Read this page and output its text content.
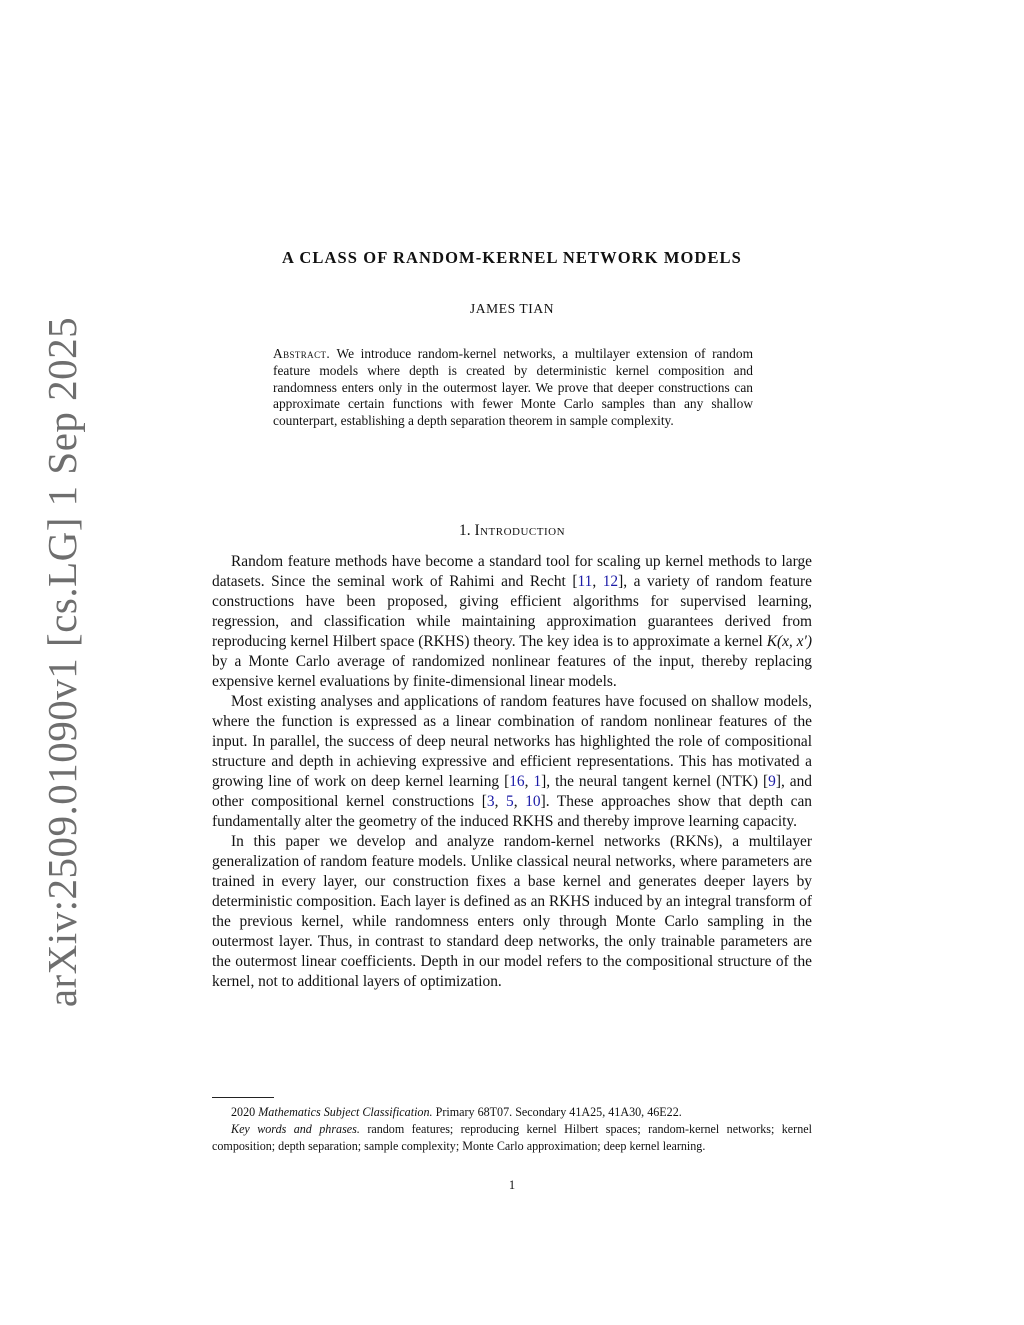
arXiv:2509.01090v1 [cs.LG] 1 Sep 2025
A CLASS OF RANDOM-KERNEL NETWORK MODELS
JAMES TIAN
Abstract. We introduce random-kernel networks, a multilayer extension of random feature models where depth is created by deterministic kernel composition and randomness enters only in the outermost layer. We prove that deeper constructions can approximate certain functions with fewer Monte Carlo samples than any shallow counterpart, establishing a depth separation theorem in sample complexity.
1. Introduction

Random feature methods have become a standard tool for scaling up kernel methods to large datasets. Since the seminal work of Rahimi and Recht [11, 12], a variety of random feature constructions have been proposed, giving efficient algorithms for supervised learning, regression, and classification while maintaining approximation guarantees derived from reproducing kernel Hilbert space (RKHS) theory. The key idea is to approximate a kernel K(x, x′) by a Monte Carlo average of randomized nonlinear features of the input, thereby replacing expensive kernel evaluations by finite-dimensional linear models.

Most existing analyses and applications of random features have focused on shallow models, where the function is expressed as a linear combination of random nonlinear features of the input. In parallel, the success of deep neural networks has highlighted the role of compositional structure and depth in achieving expressive and efficient representations. This has motivated a growing line of work on deep kernel learning [16, 1], the neural tangent kernel (NTK) [9], and other compositional kernel constructions [3, 5, 10]. These approaches show that depth can fundamentally alter the geometry of the induced RKHS and thereby improve learning capacity.

In this paper we develop and analyze random-kernel networks (RKNs), a multilayer generalization of random feature models. Unlike classical neural networks, where parameters are trained in every layer, our construction fixes a base kernel and generates deeper layers by deterministic composition. Each layer is defined as an RKHS induced by an integral transform of the previous kernel, while randomness enters only through Monte Carlo sampling in the outermost layer. Thus, in contrast to standard deep networks, the only trainable parameters are the outermost linear coefficients. Depth in our model refers to the compositional structure of the kernel, not to additional layers of optimization.

2020 Mathematics Subject Classification. Primary 68T07. Secondary 41A25, 41A30, 46E22.

Key words and phrases. random features; reproducing kernel Hilbert spaces; random-kernel networks; kernel composition; depth separation; sample complexity; Monte Carlo approximation; deep kernel learning.

1
